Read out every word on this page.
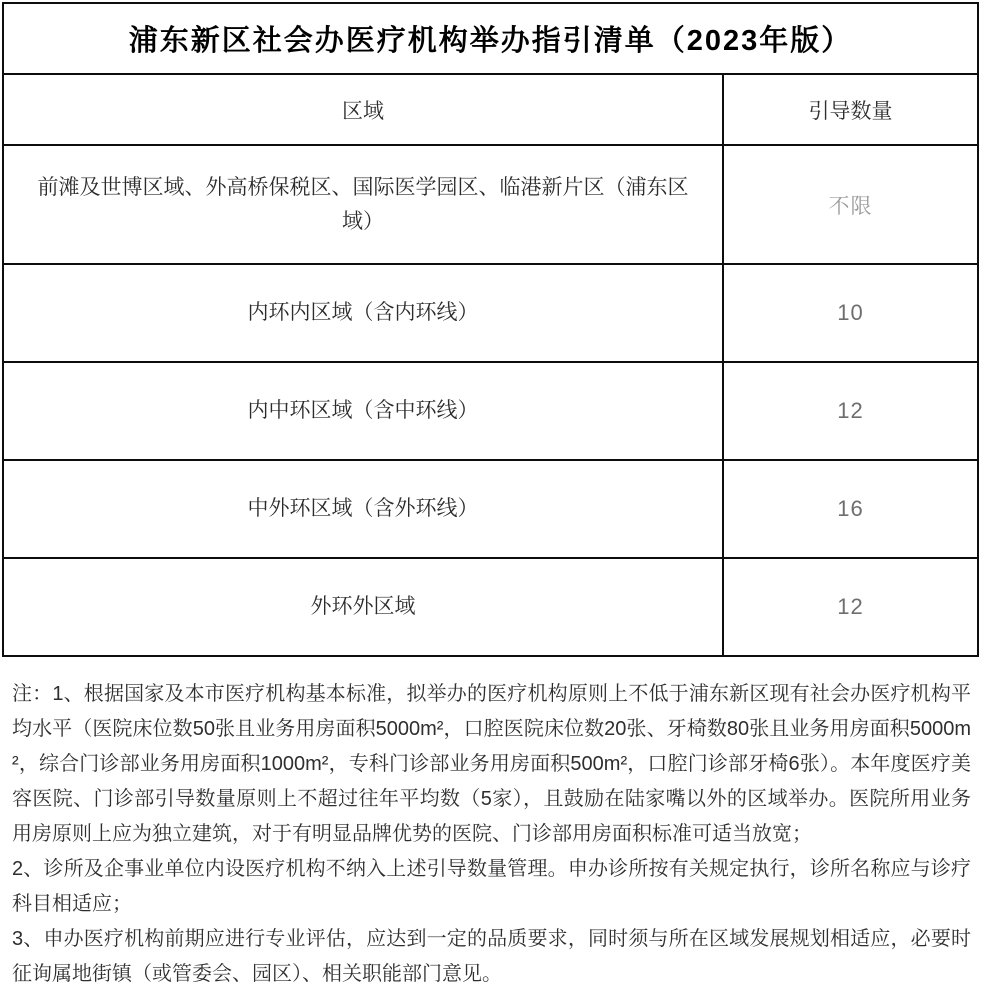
浦东新区社会办医疗机构举办指引清单（2023年版）	
区域	引导数量
前滩及世博区域、外高桥保税区、国际医学园区、临港新片区（浦东区域）	不限
内环内区域（含内环线）	10
内中环区域（含中环线）	12
中外环区域（含外环线）	16
外环外区域	12

注：1、根据国家及本市医疗机构基本标准，拟举办的医疗机构原则上不低于浦东新区现有社会办医疗机构平均水平（医院床位数50张且业务用房面积5000m²，口腔医院床位数20张、牙椅数80张且业务用房面积5000m²，综合门诊部业务用房面积1000m²，专科门诊部业务用房面积500m²，口腔门诊部牙椅6张）。本年度医疗美容医院、门诊部引导数量原则上不超过往年平均数（5家），且鼓励在陆家嘴以外的区域举办。医院所用业务用房原则上应为独立建筑，对于有明显品牌优势的医院、门诊部用房面积标准可适当放宽；

2、诊所及企事业单位内设医疗机构不纳入上述引导数量管理。申办诊所按有关规定执行，诊所名称应与诊疗科目相适应；

3、申办医疗机构前期应进行专业评估，应达到一定的品质要求，同时须与所在区域发展规划相适应，必要时征询属地街镇（或管委会、园区）、相关职能部门意见。
